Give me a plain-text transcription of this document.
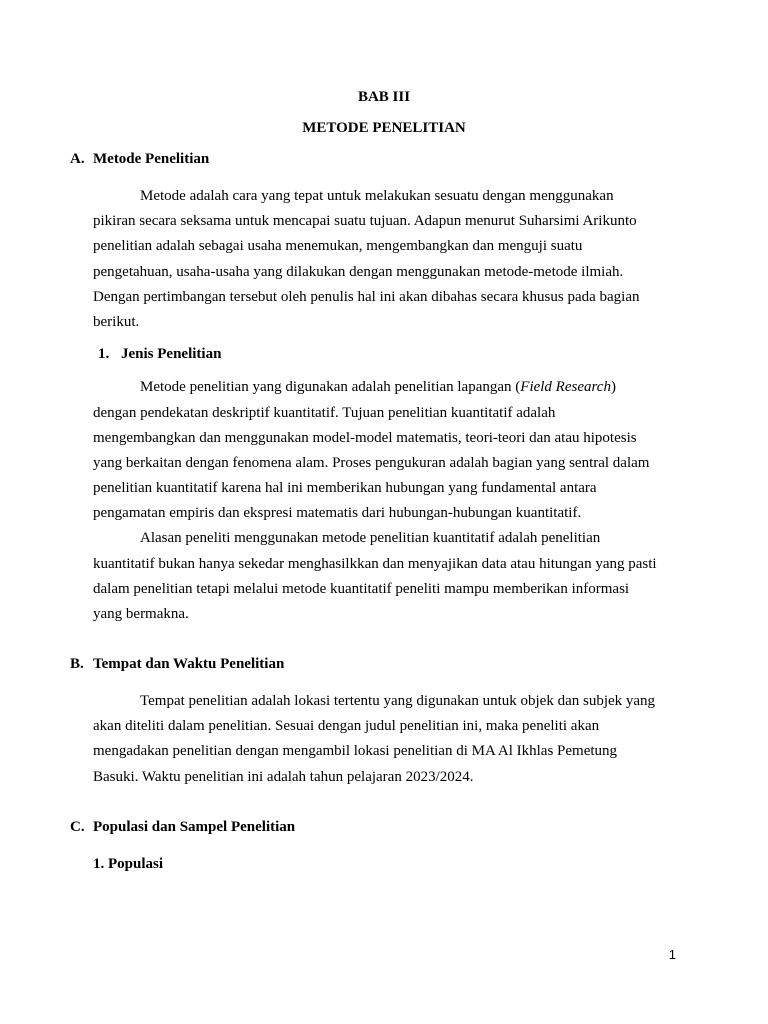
BAB III
METODE PENELITIAN
A. Metode Penelitian
Metode adalah cara yang tepat untuk melakukan sesuatu dengan menggunakan
pikiran secara seksama untuk mencapai suatu tujuan. Adapun menurut Suharsimi Arikunto
penelitian adalah sebagai usaha menemukan, mengembangkan dan menguji suatu
pengetahuan, usaha-usaha yang dilakukan dengan menggunakan metode-metode ilmiah.
Dengan pertimbangan tersebut oleh penulis hal ini akan dibahas secara khusus pada bagian
berikut.
1. Jenis Penelitian
Metode penelitian yang digunakan adalah penelitian lapangan (Field Research)
dengan pendekatan deskriptif kuantitatif. Tujuan penelitian kuantitatif adalah
mengembangkan dan menggunakan model-model matematis, teori-teori dan atau hipotesis
yang berkaitan dengan fenomena alam. Proses pengukuran adalah bagian yang sentral dalam
penelitian kuantitatif karena hal ini memberikan hubungan yang fundamental antara
pengamatan empiris dan ekspresi matematis dari hubungan-hubungan kuantitatif.
Alasan peneliti menggunakan metode penelitian kuantitatif adalah penelitian
kuantitatif bukan hanya sekedar menghasilkkan dan menyajikan data atau hitungan yang pasti
dalam penelitian tetapi melalui metode kuantitatif peneliti mampu memberikan informasi
yang bermakna.
B. Tempat dan Waktu Penelitian
Tempat penelitian adalah lokasi tertentu yang digunakan untuk objek dan subjek yang
akan diteliti dalam penelitian. Sesuai dengan judul penelitian ini, maka peneliti akan
mengadakan penelitian dengan mengambil lokasi penelitian di MA Al Ikhlas Pemetung
Basuki. Waktu penelitian ini adalah tahun pelajaran 2023/2024.
C. Populasi dan Sampel Penelitian
1. Populasi
1
